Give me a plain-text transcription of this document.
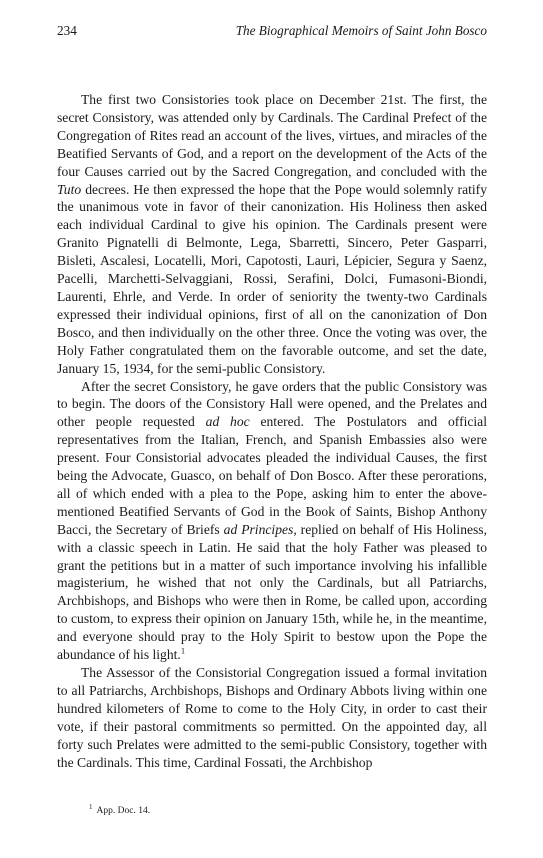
234	The Biographical Memoirs of Saint John Bosco

The first two Consistories took place on December 21st. The first, the secret Consistory, was attended only by Cardinals. The Cardinal Prefect of the Congregation of Rites read an account of the lives, virtues, and miracles of the Beatified Servants of God, and a report on the development of the Acts of the four Causes carried out by the Sacred Congregation, and concluded with the Tuto decrees. He then expressed the hope that the Pope would solemnly ratify the unanimous vote in favor of their canonization. His Holiness then asked each individual Cardinal to give his opinion. The Cardinals present were Granito Pignatelli di Belmonte, Lega, Sbarretti, Sincero, Peter Gasparri, Bisleti, Ascalesi, Locatelli, Mori, Capotosti, Lauri, Lépicier, Segura y Saenz, Pacelli, Marchetti-Selvaggiani, Rossi, Serafini, Dolci, Fumasoni-Biondi, Laurenti, Ehrle, and Verde. In order of seniority the twenty-two Cardinals expressed their individual opinions, first of all on the canonization of Don Bosco, and then individually on the other three. Once the voting was over, the Holy Father congratulated them on the favorable outcome, and set the date, January 15, 1934, for the semi-public Consistory.

After the secret Consistory, he gave orders that the public Consistory was to begin. The doors of the Consistory Hall were opened, and the Prelates and other people requested ad hoc entered. The Postulators and official representatives from the Italian, French, and Spanish Embassies also were present. Four Consistorial advocates pleaded the individual Causes, the first being the Advocate, Guasco, on behalf of Don Bosco. After these perorations, all of which ended with a plea to the Pope, asking him to enter the above-mentioned Beatified Servants of God in the Book of Saints, Bishop Anthony Bacci, the Secretary of Briefs ad Principes, replied on behalf of His Holiness, with a classic speech in Latin. He said that the holy Father was pleased to grant the petitions but in a matter of such importance involving his infallible magisterium, he wished that not only the Cardinals, but all Patriarchs, Archbishops, and Bishops who were then in Rome, be called upon, according to custom, to express their opinion on January 15th, while he, in the meantime, and everyone should pray to the Holy Spirit to bestow upon the Pope the abundance of his light.$^1$

The Assessor of the Consistorial Congregation issued a formal invitation to all Patriarchs, Archbishops, Bishops and Ordinary Abbots living within one hundred kilometers of Rome to come to the Holy City, in order to cast their vote, if their pastoral commitments so permitted. On the appointed day, all forty such Prelates were admitted to the semi-public Consistory, together with the Cardinals. This time, Cardinal Fossati, the Archbishop

$^1$ App. Doc. 14.
